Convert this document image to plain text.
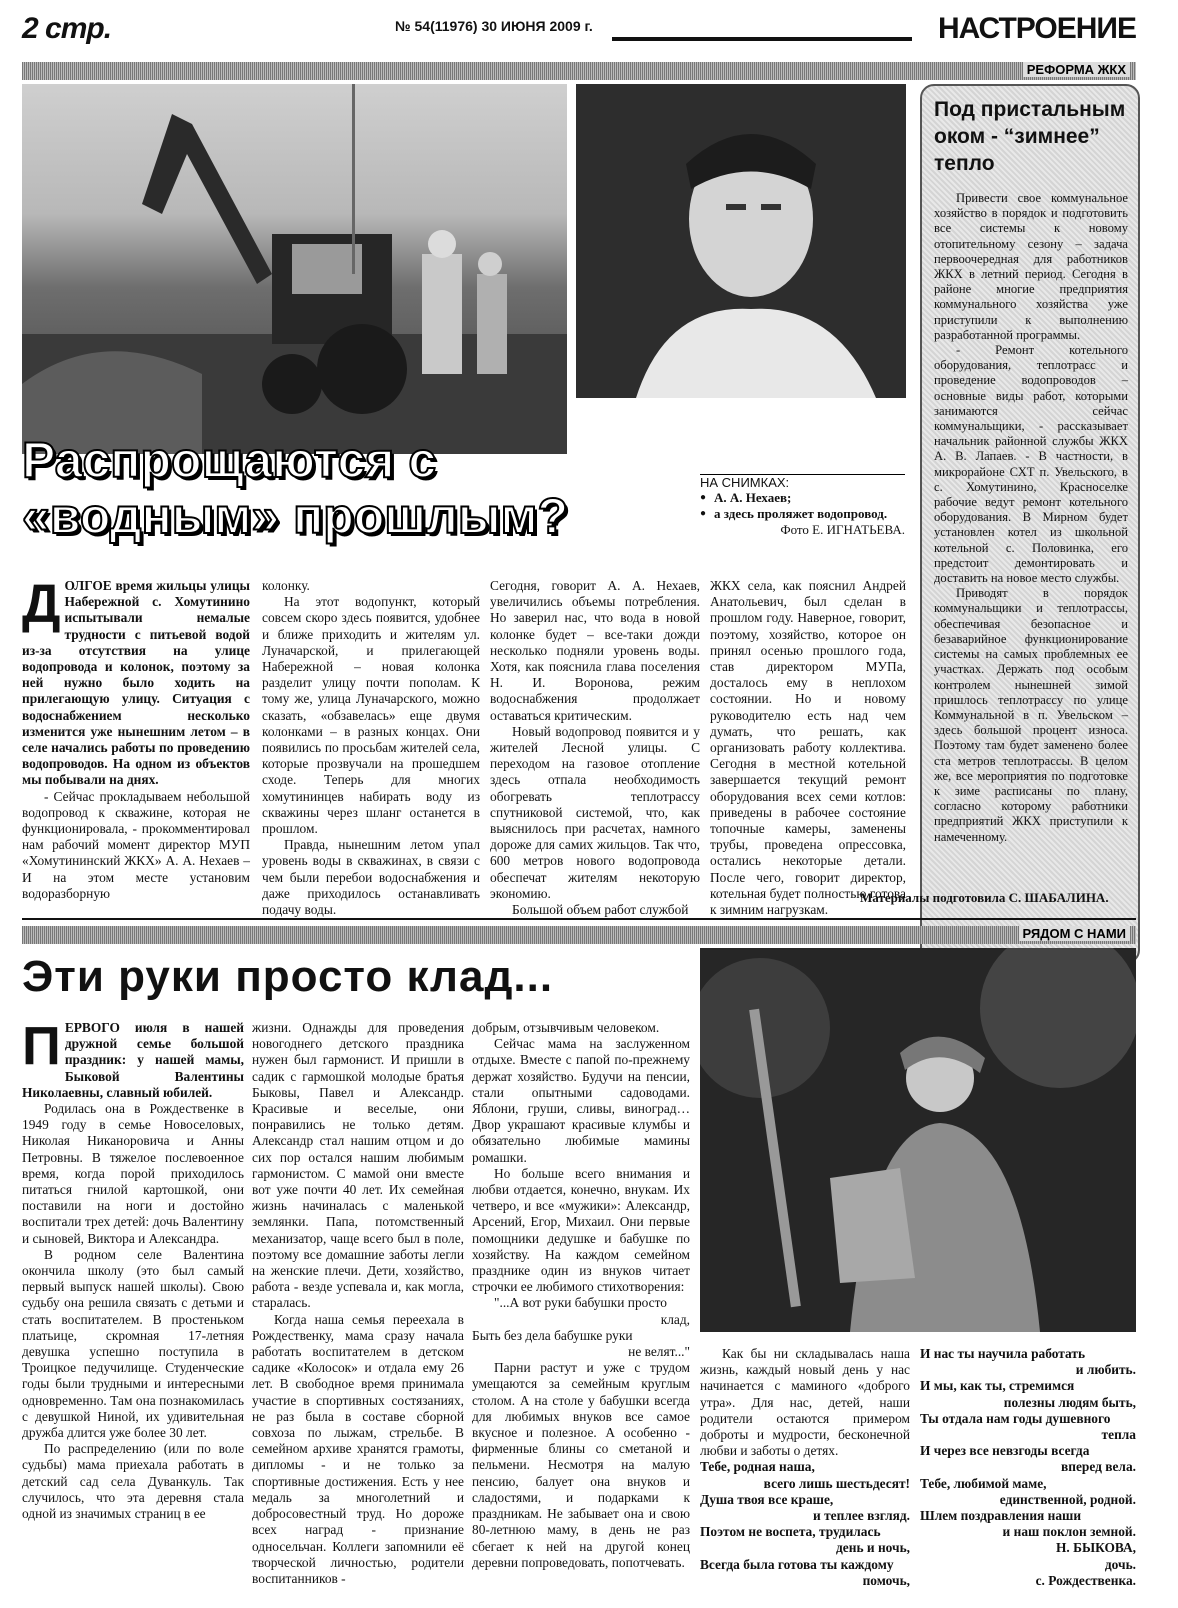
2 стр.	№ 54(11976) 30 ИЮНЯ 2009 г.	НАСТРОЕНИЕ
РЕФОРМА ЖКХ
Распрощаются с «водным» прошлым?
НА СНИМКАХ:
● А. А. Нехаев;
● а здесь проляжет водопровод.
Фото Е. ИГНАТЬЕВА.
Д ОЛГОЕ время жильцы улицы Набережной с. Хомутинино испытывали немалые трудности с питьевой водой из-за отсутствия на улице водопровода и колонок, поэтому за ней нужно было ходить на прилегающую улицу. Ситуация с водоснабжением несколько изменится уже нынешним летом – в селе начались работы по проведению водопроводов. На одном из объектов мы побывали на днях.

- Сейчас прокладываем небольшой водопровод к скважине, которая не функционировала, - прокомментировал нам рабочий момент директор МУП «Хомутининский ЖКХ» А. А. Нехаев – И на этом месте установим водоразборную

колонку.

На этот водопункт, который совсем скоро здесь появится, удобнее и ближе приходить и жителям ул. Луначарской, и прилегающей Набережной – новая колонка разделит улицу почти пополам. К тому же, улица Луначарского, можно сказать, «обзавелась» еще двумя колонками – в разных концах. Они появились по просьбам жителей села, которые прозвучали на прошедшем сходе. Теперь для многих хомутининцев набирать воду из скважины через шланг останется в прошлом.

Правда, нынешним летом упал уровень воды в скважинах, в связи с чем были перебои водоснабжения и даже приходилось останавливать подачу воды.

Сегодня, говорит А. А. Нехаев, увеличились объемы потребления. Но заверил нас, что вода в новой колонке будет – все-таки дожди несколько подняли уровень воды. Хотя, как пояснила глава поселения Н. И. Воронова, режим водоснабжения продолжает оставаться критическим.

Новый водопровод появится и у жителей Лесной улицы. С переходом на газовое отопление здесь отпала необходимость обогревать теплотрассу спутниковой системой, что, как выяснилось при расчетах, намного дороже для самих жильцов. Так что, 600 метров нового водопровода обеспечат жителям некоторую экономию.

Большой объем работ службой

ЖКХ села, как пояснил Андрей Анатольевич, был сделан в прошлом году. Наверное, говорит, поэтому, хозяйство, которое он принял осенью прошлого года, став директором МУПа, досталось ему в неплохом состоянии. Но и новому руководителю есть над чем думать, что решать, как организовать работу коллектива. Сегодня в местной котельной завершается текущий ремонт оборудования всех семи котлов: приведены в рабочее состояние топочные камеры, заменены трубы, проведена опрессовка, остались некоторые детали. После чего, говорит директор, котельная будет полностью готова к зимним нагрузкам.

Под пристальным оком - “зимнее” тепло

Привести свое коммунальное хозяйство в порядок и подготовить все системы к новому отопительному сезону – задача первоочередная для работников ЖКХ в летний период. Сегодня в районе многие предприятия коммунального хозяйства уже приступили к выполнению разработанной программы.

- Ремонт котельного оборудования, теплотрасс и проведение водопроводов – основные виды работ, которыми занимаются сейчас коммунальщики, - рассказывает начальник районной службы ЖКХ А. В. Лапаев. - В частности, в микрорайоне СХТ п. Увельского, в с. Хомутинино, Красноселке рабочие ведут ремонт котельного оборудования. В Мирном будет установлен котел из школьной котельной с. Половинка, его предстоит демонтировать и доставить на новое место службы.

Приводят в порядок коммунальщики и теплотрассы, обеспечивая безопасное и безаварийное функционирование системы на самых проблемных ее участках. Держать под особым контролем нынешней зимой пришлось теплотрассу по улице Коммунальной в п. Увельском – здесь большой процент износа. Поэтому там будет заменено более ста метров теплотрассы. В целом же, все мероприятия по подготовке к зиме расписаны по плану, согласно которому работники предприятий ЖКХ приступили к намеченному.

Материалы подготовила С. ШАБАЛИНА.
РЯДОМ С НАМИ
Эти руки просто клад...
П ЕРВОГО июля в нашей дружной семье большой праздник: у нашей мамы, Быковой Валентины Николаевны, славный юбилей.

Родилась она в Рождественке в 1949 году в семье Новоселовых, Николая Никаноровича и Анны Петровны. В тяжелое послевоенное время, когда порой приходилось питаться гнилой картошкой, они поставили на ноги и достойно воспитали трех детей: дочь Валентину и сыновей, Виктора и Александра.

В родном селе Валентина окончила школу (это был самый первый выпуск нашей школы). Свою судьбу она решила связать с детьми и стать воспитателем. В простеньком платьице, скромная 17-летняя девушка успешно поступила в Троицкое педучилище. Студенческие годы были трудными и интересными одновременно. Там она познакомилась с девушкой Ниной, их удивительная дружба длится уже более 30 лет.

По распределению (или по воле судьбы) мама приехала работать в детский сад села Дуванкуль. Так случилось, что эта деревня стала одной из значимых страниц в ее

жизни. Однажды для проведения новогоднего детского праздника нужен был гармонист. И пришли в садик с гармошкой молодые братья Быковы, Павел и Александр. Красивые и веселые, они понравились не только детям. Александр стал нашим отцом и до сих пор остался нашим любимым гармонистом. С мамой они вместе вот уже почти 40 лет. Их семейная жизнь начиналась с маленькой землянки. Папа, потомственный механизатор, чаще всего был в поле, поэтому все домашние заботы легли на женские плечи. Дети, хозяйство, работа - везде успевала и, как могла, старалась.

Когда наша семья переехала в Рождественку, мама сразу начала работать воспитателем в детском садике «Колосок» и отдала ему 26 лет. В свободное время принимала участие в спортивных состязаниях, не раз была в составе сборной совхоза по лыжам, стрельбе. В семейном архиве хранятся грамоты, дипломы - и не только за спортивные достижения. Есть у нее медаль за многолетний и добросовестный труд. Но дороже всех наград - признание односельчан. Коллеги запомнили её творческой личностью, родители воспитанников -

добрым, отзывчивым человеком.

Сейчас мама на заслуженном отдыхе. Вместе с папой по-прежнему держат хозяйство. Будучи на пенсии, стали опытными садоводами. Яблони, груши, сливы, виноград… Двор украшают красивые клумбы и обязательно любимые мамины ромашки.

Но больше всего внимания и любви отдается, конечно, внукам. Их четверо, и все «мужики»: Александр, Арсений, Егор, Михаил. Они первые помощники дедушке и бабушке по хозяйству. На каждом семейном празднике один из внуков читает строчки ее любимого стихотворения:

"...А вот руки бабушки просто
клад,
Быть без дела бабушке руки
не велят..."

Парни растут и уже с трудом умещаются за семейным круглым столом. А на столе у бабушки всегда для любимых внуков все самое вкусное и полезное. А особенно - фирменные блины со сметаной и пельмени. Несмотря на малую пенсию, балует она внуков и сладостями, и подарками к праздникам. Не забывает она и свою 80-летнюю маму, в день не раз сбегает к ней на другой конец деревни попроведовать, попотчевать.

Как бы ни складывалась наша жизнь, каждый новый день у нас начинается с маминого «доброго утра». Для нас, детей, наши родители остаются примером доброты и мудрости, бесконечной любви и заботы о детях.

Тебе, родная наша,
всего лишь шестьдесят!
Душа твоя все краше,
и теплее взгляд.
Поэтом не воспета, трудилась
день и ночь,
Всегда была готова ты каждому
помочь,
И нас ты научила работать
и любить.
И мы, как ты, стремимся
полезны людям быть,
Ты отдала нам годы душевного
тепла
И через все невзгоды всегда
вперед вела.
Тебе, любимой маме,
единственной, родной.
Шлем поздравления наши
и наш поклон земной.
Н. БЫКОВА,
дочь.
с. Рождественка.
